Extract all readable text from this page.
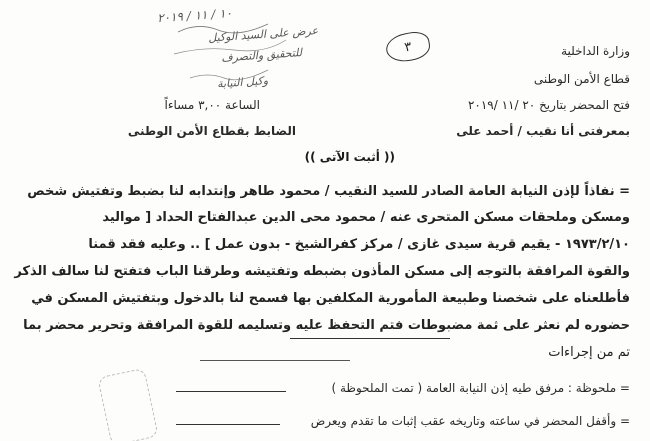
١٠ / ١١ / ٢٠١٩
عرض على السيد الوكيل
للتحقيق والتصرف
وكيل النيابة
٣	وزارة الداخلية
قطاع الأمن الوطنى
فتح المحضر بتاريخ ٢٠ /١١ /٢٠١٩
بمعرفتى أنا نقيب / أحمد على
الساعة ٣,٠٠ مساءاً
الضابط بقطاع الأمن الوطنى
(( أثبت الآتى ))
= نفاذاً لإذن النيابة العامة الصادر للسيد النقيب / محمود طاهر وإنتدابه لنا بضبط وتفتيش شخص
ومسكن وملحقات مسكن المتحرى عنه / محمود محى الدين عبدالفتاح الحداد [ مواليد
١٩٧٣/٢/١٠ - يقيم قرية سيدى غازى / مركز كفرالشيخ - بدون عمل ] .. وعليه فقد قمنا
والقوة المرافقة بالتوجه إلى مسكن المأذون بضبطه وتفتيشه وطرقنا الباب فتفتح لنا سالف الذكر
فأطلعناه على شخصنا وطبيعة المأمورية المكلفين بها فسمح لنا بالدخول وبتفتيش المسكن في
حضوره لم نعثر على ثمة مضبوطات فتم التحفظ عليه وتسليمه للقوة المرافقة وتحرير محضر بما
تم من إجراءات
= ملحوظة : مرفق طيه إذن النيابة العامة ( تمت الملحوظة )
= وأقفل المحضر في ساعته وتاريخه عقب إثبات ما تقدم ويعرض
